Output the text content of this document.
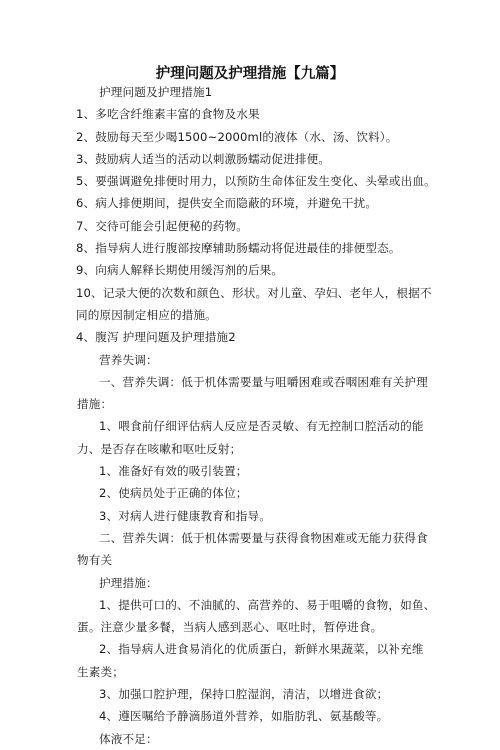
护理问题及护理措施【九篇】
护理问题及护理措施1
1、多吃含纤维素丰富的食物及水果
2、鼓励每天至少喝1500~2000ml的液体（水、汤、饮料）。
3、鼓励病人适当的活动以刺激肠蠕动促进排便。
5、要强调避免排便时用力，以预防生命体征发生变化、头晕或出血。
6、病人排便期间，提供安全而隐蔽的环境，并避免干扰。
7、交待可能会引起便秘的药物。
8、指导病人进行腹部按摩辅助肠蠕动将促进最佳的排便型态。
9、向病人解释长期使用缓泻剂的后果。
10、记录大便的次数和颜色、形状。对儿童、孕妇、老年人，根据不
同的原因制定相应的措施。
4、腹泻 护理问题及护理措施2
营养失调：
一、营养失调：低于机体需要量与咀嚼困难或吞咽困难有关护理
措施：
1、喂食前仔细评估病人反应是否灵敏、有无控制口腔活动的能
力、是否存在咳嗽和呕吐反射；
1、准备好有效的吸引装置；
2、使病员处于正确的体位；
3、对病人进行健康教育和指导。
二、营养失调：低于机体需要量与获得食物困难或无能力获得食
物有关
护理措施：
1、提供可口的、不油腻的、高营养的、易于咀嚼的食物，如鱼、
蛋。注意少量多餐，当病人感到恶心、呕吐时，暂停进食。
2、指导病人进食易消化的优质蛋白，新鲜水果蔬菜，以补充维
生素类；
3、加强口腔护理，保持口腔湿润，清洁，以增进食欲；
4、遵医嘱给予静滴肠道外营养，如脂肪乳、氨基酸等。
体液不足：
